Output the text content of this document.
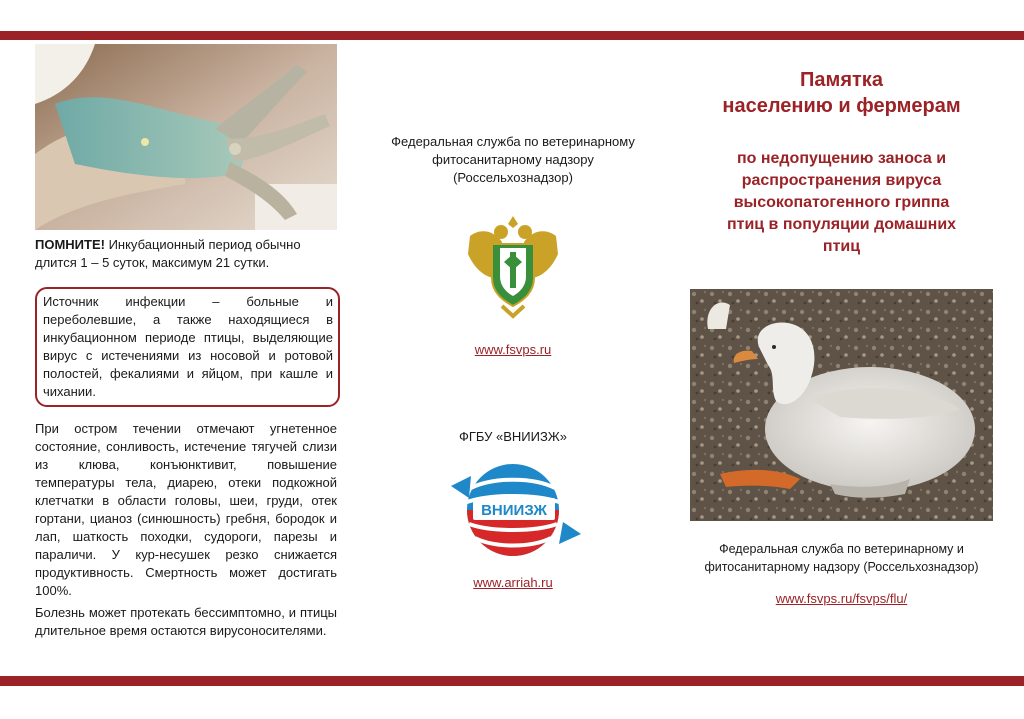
ПОМНИТЕ! Инкубационный период обычно длится 1 – 5 суток, максимум 21 сутки.
Источник инфекции – больные и переболевшие, а также находящиеся в инкубационном периоде птицы, выделяющие вирус с истечениями из носовой и ротовой полостей, фекалиями и яйцом, при кашле и чихании.
При остром течении отмечают угнетенное состояние, сонливость, истечение тягучей слизи из клюва, конъюнктивит, повышение температуры тела, диарею, отеки подкожной клетчатки в области головы, шеи, груди, отек гортани, цианоз (синюшность) гребня, бородок и лап, шаткость походки, судороги, парезы и параличи. У кур-несушек резко снижается продуктивность. Смертность может достигать 100%.
Болезнь может протекать бессимптомно, и птицы длительное время остаются вирусоносителями.
Федеральная служба по ветеринарному
фитосанитарному надзору
(Россельхознадзор)
www.fsvps.ru
ФГБУ «ВНИИЗЖ»
ВНИИЗЖ
www.arriah.ru
Памятка
населению и фермерам
по недопущению заноса и
распространения вируса
высокопатогенного гриппа
птиц в популяции домашних
птиц
Федеральная служба по ветеринарному и
фитосанитарному надзору (Россельхознадзор)
www.fsvps.ru/fsvps/flu/
